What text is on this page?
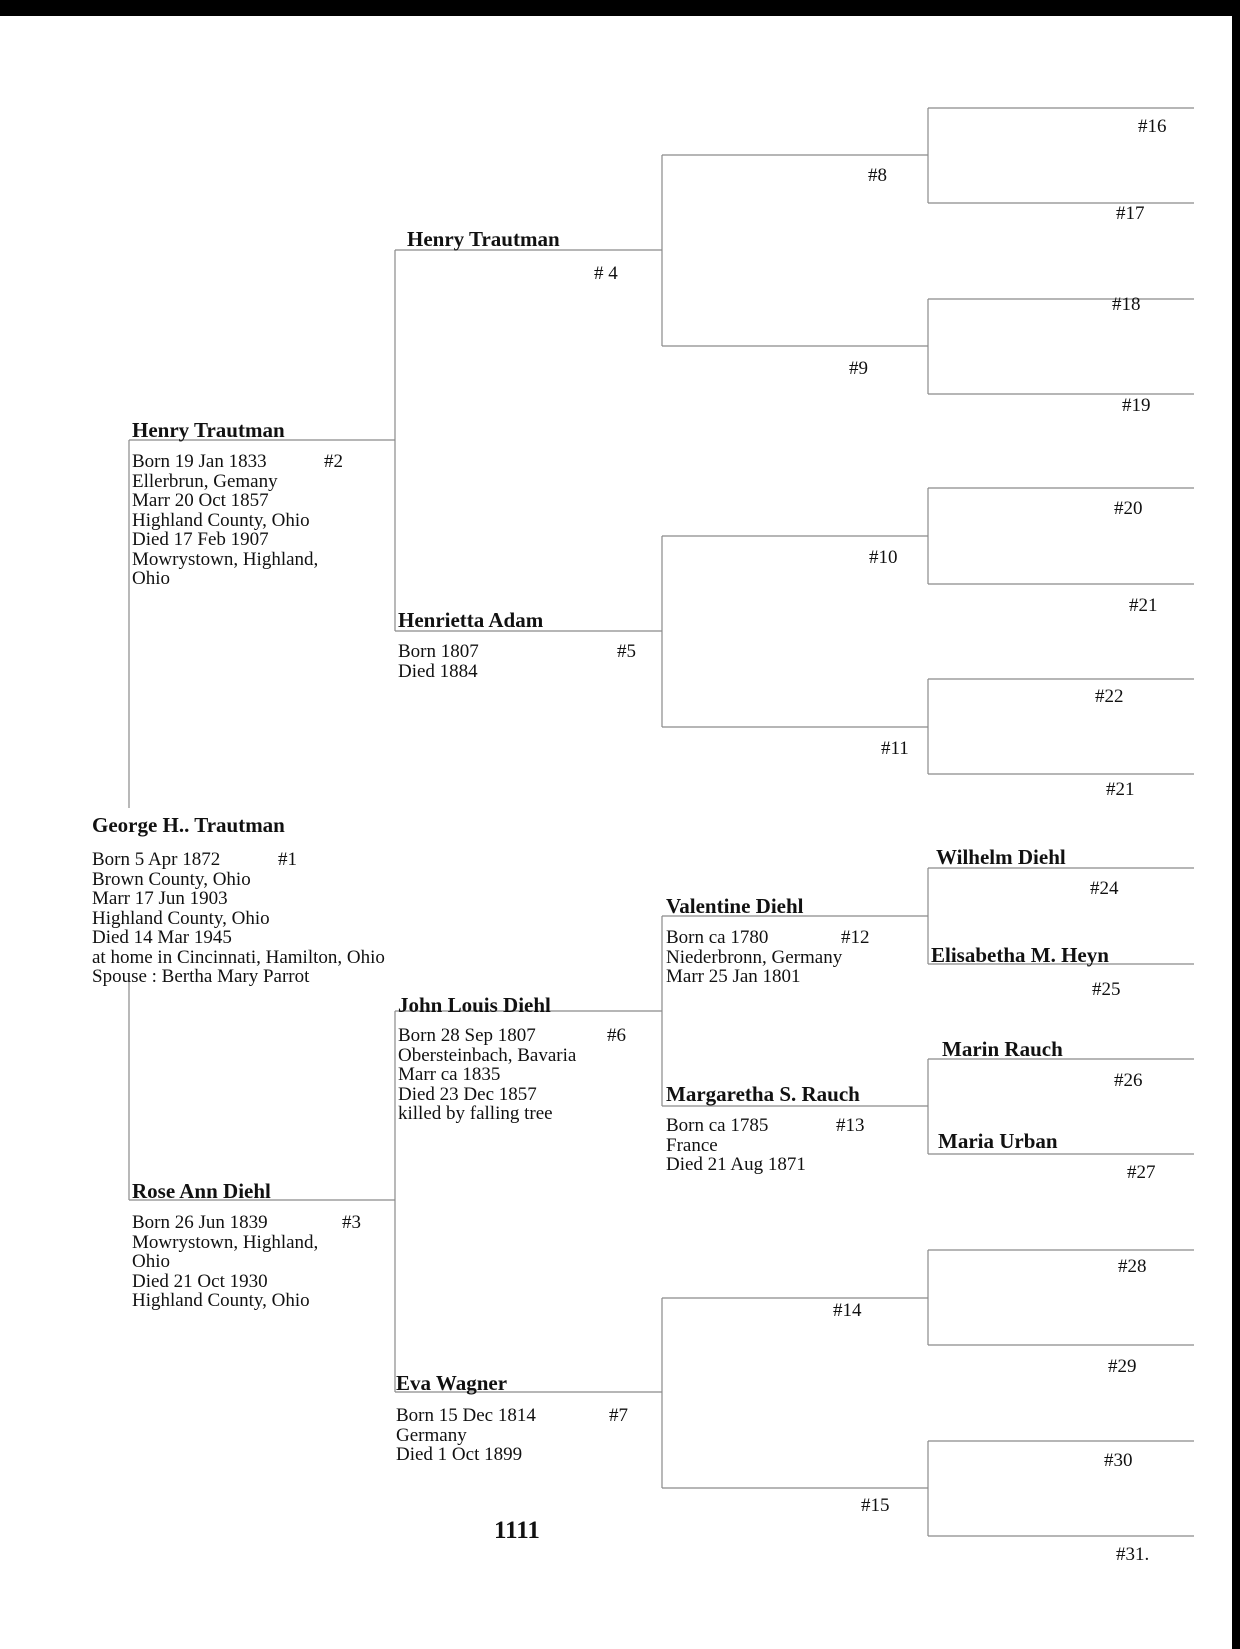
George H.. Trautman
Born 5 Apr 1872
Brown County, Ohio
Marr 17 Jun 1903
Highland County, Ohio
Died 14 Mar 1945
at home in Cincinnati, Hamilton, Ohio
Spouse : Bertha Mary Parrot
#1
Henry Trautman
Born 19 Jan 1833
Ellerbrun, Gemany
Marr 20 Oct 1857
Highland County, Ohio
Died 17 Feb 1907
Mowrystown, Highland,
Ohio
#2
Rose Ann Diehl
Born 26 Jun 1839
Mowrystown, Highland,
Ohio
Died 21 Oct 1930
Highland County, Ohio
#3
Henry Trautman
# 4
Henrietta Adam
Born 1807
Died 1884
#5
John Louis Diehl
Born 28 Sep 1807
Obersteinbach, Bavaria
Marr ca 1835
Died 23 Dec 1857
killed by falling tree
#6
Eva Wagner
Born 15 Dec 1814
Germany
Died 1 Oct 1899
#7
Valentine Diehl
Born ca 1780
Niederbronn, Germany
Marr 25 Jan 1801
#12
Margaretha S. Rauch
Born ca 1785
France
Died 21 Aug 1871
#13
Wilhelm Diehl
#24
Elisabetha M. Heyn
#25
Marin Rauch
#26
Maria Urban
#27
#8
#9
#10
#11
#14
#15
#16
#17
#18
#19
#20
#21
#22
#21
#28
#29
#30
#31.
1111
